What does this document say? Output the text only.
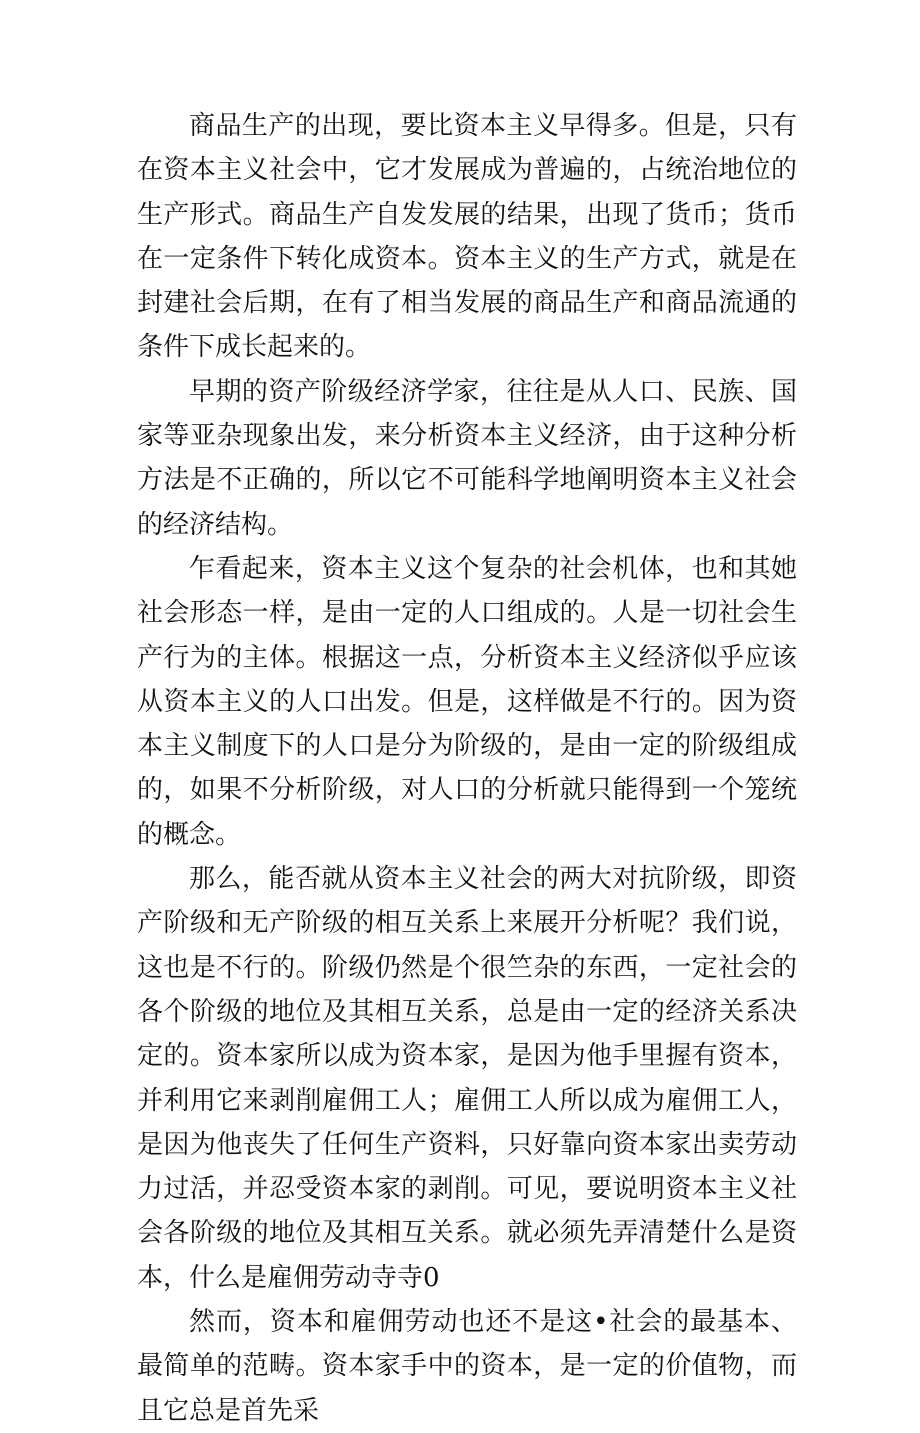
商品生产的出现，要比资本主义早得多。但是，只有在资本主义社会中，它才发展成为普遍的，占统治地位的生产形式。商品生产自发发展的结果，出现了货币；货币在一定条件下转化成资本。资本主义的生产方式，就是在封建社会后期，在有了相当发展的商品生产和商品流通的条件下成长起来的。

早期的资产阶级经济学家，往往是从人口、民族、国家等亚杂现象出发，来分析资本主义经济，由于这种分析方法是不正确的，所以它不可能科学地阐明资本主义社会的经济结构。

乍看起来，资本主义这个复杂的社会机体，也和其她社会形态一样，是由一定的人口组成的。人是一切社会生产行为的主体。根据这一点，分析资本主义经济似乎应该从资本主义的人口出发。但是，这样做是不行的。因为资本主义制度下的人口是分为阶级的，是由一定的阶级组成的，如果不分析阶级，对人口的分析就只能得到一个笼统的概念。

那么，能否就从资本主义社会的两大对抗阶级，即资产阶级和无产阶级的相互关系上来展开分析呢？我们说，这也是不行的。阶级仍然是个很竺杂的东西，一定社会的各个阶级的地位及其相互关系，总是由一定的经济关系决定的。资本家所以成为资本家，是因为他手里握有资本，并利用它来剥削雇佣工人；雇佣工人所以成为雇佣工人，是因为他丧失了任何生产资料，只好靠向资本家出卖劳动力过活，并忍受资本家的剥削。可见，要说明资本主义社会各阶级的地位及其相互关系。就必须先弄清楚什么是资本，什么是雇佣劳动寺寺0

然而，资本和雇佣劳动也还不是这•社会的最基本、最简单的范畴。资本家手中的资本，是一定的价值物，而且它总是首先采
